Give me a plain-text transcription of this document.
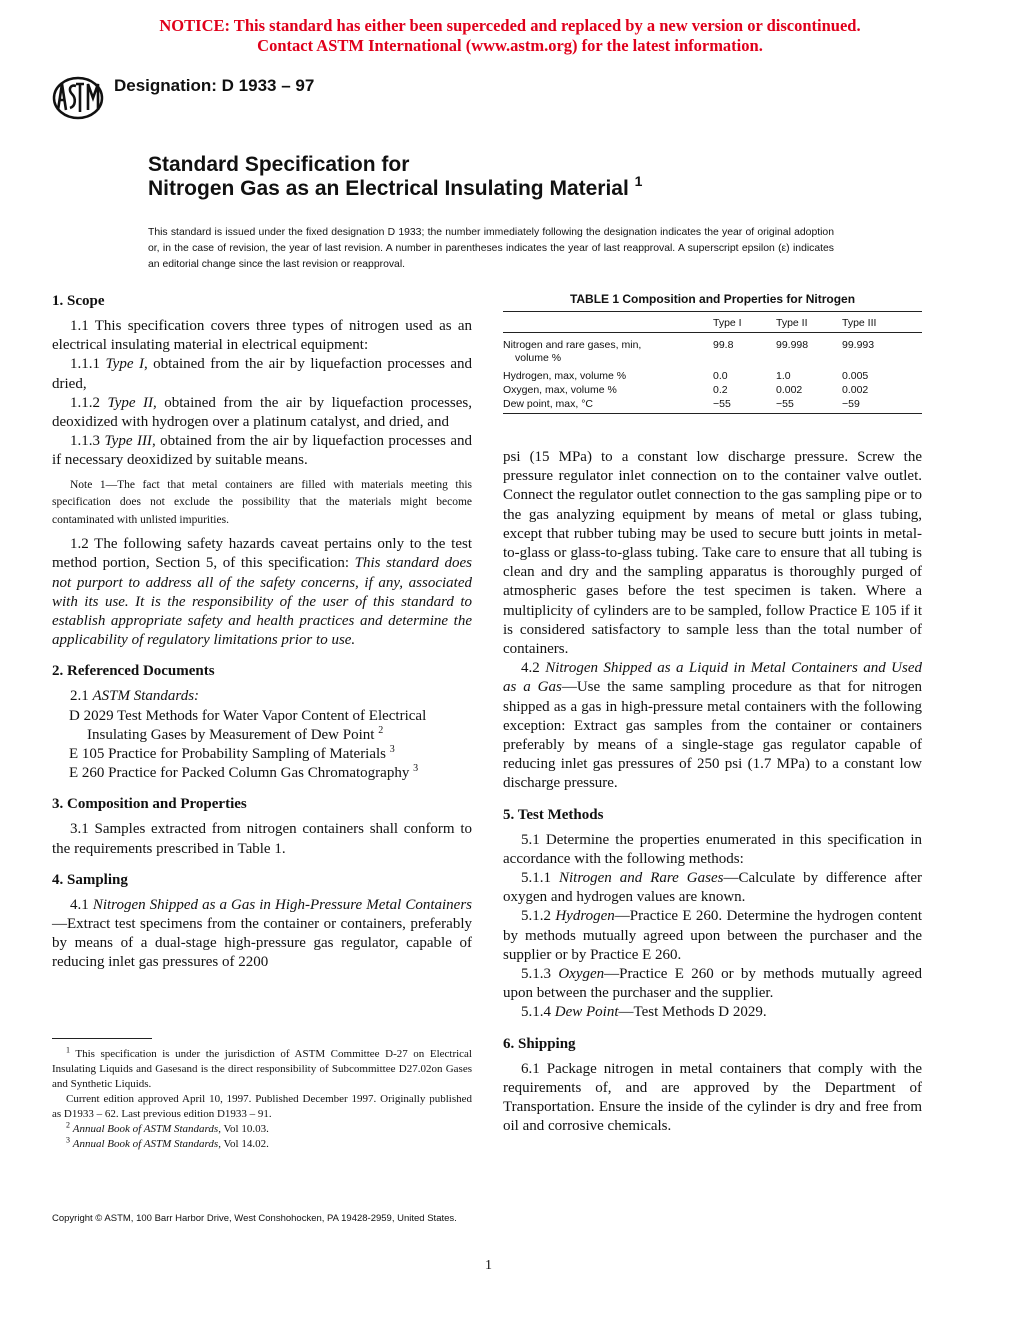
NOTICE: This standard has either been superceded and replaced by a new version or discontinued.
Contact ASTM International (www.astm.org) for the latest information.
Designation: D 1933 – 97
Standard Specification for
Nitrogen Gas as an Electrical Insulating Material $^1$
This standard is issued under the fixed designation D 1933; the number immediately following the designation indicates the year of original adoption or, in the case of revision, the year of last revision. A number in parentheses indicates the year of last reapproval. A superscript epsilon (ε) indicates an editorial change since the last revision or reapproval.
1. Scope

1.1 This specification covers three types of nitrogen used as an electrical insulating material in electrical equipment:

1.1.1 Type I, obtained from the air by liquefaction processes and dried,

1.1.2 Type II, obtained from the air by liquefaction processes, deoxidized with hydrogen over a platinum catalyst, and dried, and

1.1.3 Type III, obtained from the air by liquefaction processes and if necessary deoxidized by suitable means.

Note 1—The fact that metal containers are filled with materials meeting this specification does not exclude the possibility that the materials might become contaminated with unlisted impurities.

1.2 The following safety hazards caveat pertains only to the test method portion, Section 5, of this specification: This standard does not purport to address all of the safety concerns, if any, associated with its use. It is the responsibility of the user of this standard to establish appropriate safety and health practices and determine the applicability of regulatory limitations prior to use.

2. Referenced Documents

2.1 ASTM Standards:

D 2029 Test Methods for Water Vapor Content of Electrical Insulating Gases by Measurement of Dew Point $^2$

E 105 Practice for Probability Sampling of Materials $^3$

E 260 Practice for Packed Column Gas Chromatography $^3$

3. Composition and Properties

3.1 Samples extracted from nitrogen containers shall conform to the requirements prescribed in Table 1.

4. Sampling

4.1 Nitrogen Shipped as a Gas in High-Pressure Metal Containers—Extract test specimens from the container or containers, preferably by means of a dual-stage high-pressure gas regulator, capable of reducing inlet gas pressures of 2200

TABLE 1 Composition and Properties for Nitrogen
Type I	Type II	Type III
Nitrogen and rare gases, min,
volume %
99.8	99.998	99.993
Hydrogen, max, volume %	0.0	1.0	0.005
Oxygen, max, volume %	0.2	0.002	0.002
Dew point, max, °C	−55	−55	−59

psi (15 MPa) to a constant low discharge pressure. Screw the pressure regulator inlet connection on to the container valve outlet. Connect the regulator outlet connection to the gas sampling pipe or to the gas analyzing equipment by means of metal or glass tubing, except that rubber tubing may be used to secure butt joints in metal-to-glass or glass-to-glass tubing. Take care to ensure that all tubing is clean and dry and the sampling apparatus is thoroughly purged of atmospheric gases before the test specimen is taken. Where a multiplicity of cylinders are to be sampled, follow Practice E 105 if it is considered satisfactory to sample less than the total number of containers.

4.2 Nitrogen Shipped as a Liquid in Metal Containers and Used as a Gas—Use the same sampling procedure as that for nitrogen shipped as a gas in high-pressure metal containers with the following exception: Extract gas samples from the container or containers preferably by means of a single-stage gas regulator capable of reducing inlet gas pressures of 250 psi (1.7 MPa) to a constant low discharge pressure.

5. Test Methods

5.1 Determine the properties enumerated in this specification in accordance with the following methods:

5.1.1 Nitrogen and Rare Gases—Calculate by difference after oxygen and hydrogen values are known.

5.1.2 Hydrogen—Practice E 260. Determine the hydrogen content by methods mutually agreed upon between the purchaser and the supplier or by Practice E 260.

5.1.3 Oxygen—Practice E 260 or by methods mutually agreed upon between the purchaser and the supplier.

5.1.4 Dew Point—Test Methods D 2029.

6. Shipping

6.1 Package nitrogen in metal containers that comply with the requirements of, and are approved by the Department of Transportation. Ensure the inside of the cylinder is dry and free from oil and corrosive chemicals.

$^1$ This specification is under the jurisdiction of ASTM Committee D-27 on Electrical Insulating Liquids and Gasesand is the direct responsibility of Subcommittee D27.02on Gases and Synthetic Liquids.

Current edition approved April 10, 1997. Published December 1997. Originally published as D1933 – 62. Last previous edition D1933 – 91.

$^2$ Annual Book of ASTM Standards, Vol 10.03.

$^3$ Annual Book of ASTM Standards, Vol 14.02.

Copyright © ASTM, 100 Barr Harbor Drive, West Conshohocken, PA 19428-2959, United States.
1
